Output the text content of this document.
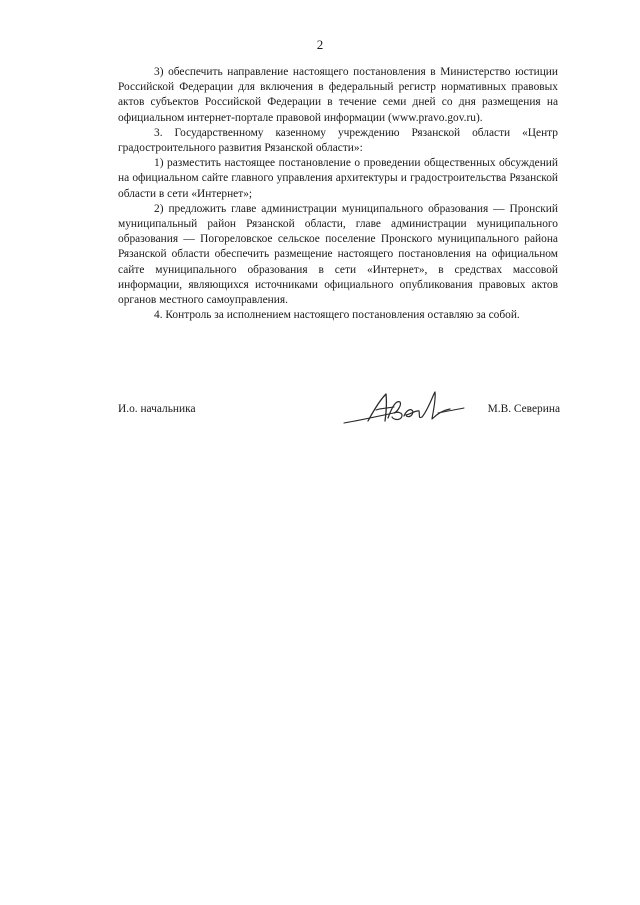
2

3) обеспечить направление настоящего постановления в Министерство юстиции Российской Федерации для включения в федеральный регистр нормативных правовых актов субъектов Российской Федерации в течение семи дней со дня размещения на официальном интернет-портале правовой информации (www.pravo.gov.ru).

3. Государственному казенному учреждению Рязанской области «Центр градостроительного развития Рязанской области»:

1) разместить настоящее постановление о проведении общественных обсуждений на официальном сайте главного управления архитектуры и градостроительства Рязанской области в сети «Интернет»;

2) предложить главе администрации муниципального образования — Пронский муниципальный район Рязанской области, главе администрации муниципального образования — Погореловское сельское поселение Пронского муниципального района Рязанской области обеспечить размещение настоящего постановления на официальном сайте муниципального образования в сети «Интернет», в средствах массовой информации, являющихся источниками официального опубликования правовых актов органов местного самоуправления.

4. Контроль за исполнением настоящего постановления оставляю за собой.

И.о. начальника	М.В. Северина
